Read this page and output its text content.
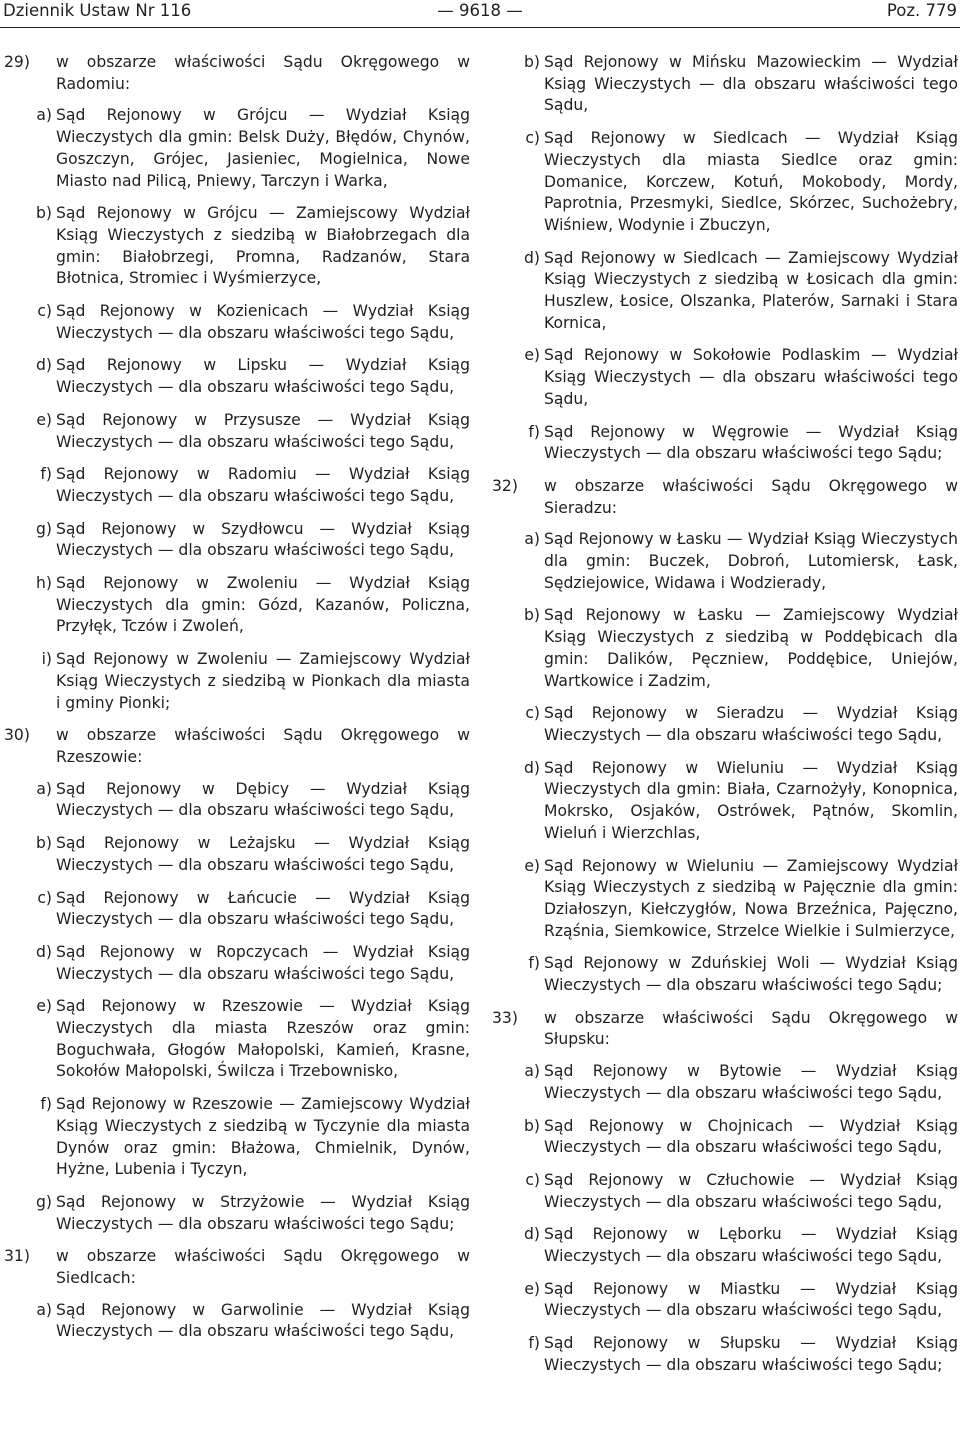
Dziennik Ustaw Nr 116	— 9618 —	Poz. 779

29) w obszarze właściwości Sądu Okręgowego w Radomiu:

a) Sąd Rejonowy w Grójcu — Wydział Ksiąg Wieczystych dla gmin: Belsk Duży, Błędów, Chynów, Goszczyn, Grójec, Jasieniec, Mogielnica, Nowe Miasto nad Pilicą, Pniewy, Tarczyn i Warka,

b) Sąd Rejonowy w Grójcu — Zamiejscowy Wydział Ksiąg Wieczystych z siedzibą w Białobrzegach dla gmin: Białobrzegi, Promna, Radzanów, Stara Błotnica, Stromiec i Wyśmierzyce,

c) Sąd Rejonowy w Kozienicach — Wydział Ksiąg Wieczystych — dla obszaru właściwości tego Sądu,

d) Sąd Rejonowy w Lipsku — Wydział Ksiąg Wieczystych — dla obszaru właściwości tego Sądu,

e) Sąd Rejonowy w Przysusze — Wydział Ksiąg Wieczystych — dla obszaru właściwości tego Sądu,

f) Sąd Rejonowy w Radomiu — Wydział Ksiąg Wieczystych — dla obszaru właściwości tego Sądu,

g) Sąd Rejonowy w Szydłowcu — Wydział Ksiąg Wieczystych — dla obszaru właściwości tego Sądu,

h) Sąd Rejonowy w Zwoleniu — Wydział Ksiąg Wieczystych dla gmin: Gózd, Kazanów, Policzna, Przyłęk, Tczów i Zwoleń,

i) Sąd Rejonowy w Zwoleniu — Zamiejscowy Wydział Ksiąg Wieczystych z siedzibą w Pionkach dla miasta i gminy Pionki;

30) w obszarze właściwości Sądu Okręgowego w Rzeszowie:

a) Sąd Rejonowy w Dębicy — Wydział Ksiąg Wieczystych — dla obszaru właściwości tego Sądu,

b) Sąd Rejonowy w Leżajsku — Wydział Ksiąg Wieczystych — dla obszaru właściwości tego Sądu,

c) Sąd Rejonowy w Łańcucie — Wydział Ksiąg Wieczystych — dla obszaru właściwości tego Sądu,

d) Sąd Rejonowy w Ropczycach — Wydział Ksiąg Wieczystych — dla obszaru właściwości tego Sądu,

e) Sąd Rejonowy w Rzeszowie — Wydział Ksiąg Wieczystych dla miasta Rzeszów oraz gmin: Boguchwała, Głogów Małopolski, Kamień, Krasne, Sokołów Małopolski, Świlcza i Trzebownisko,

f) Sąd Rejonowy w Rzeszowie — Zamiejscowy Wydział Ksiąg Wieczystych z siedzibą w Tyczynie dla miasta Dynów oraz gmin: Błażowa, Chmielnik, Dynów, Hyżne, Lubenia i Tyczyn,

g) Sąd Rejonowy w Strzyżowie — Wydział Ksiąg Wieczystych — dla obszaru właściwości tego Sądu;

31) w obszarze właściwości Sądu Okręgowego w Siedlcach:

a) Sąd Rejonowy w Garwolinie — Wydział Ksiąg Wieczystych — dla obszaru właściwości tego Sądu,

b) Sąd Rejonowy w Mińsku Mazowieckim — Wydział Ksiąg Wieczystych — dla obszaru właściwości tego Sądu,

c) Sąd Rejonowy w Siedlcach — Wydział Ksiąg Wieczystych dla miasta Siedlce oraz gmin: Domanice, Korczew, Kotuń, Mokobody, Mordy, Paprotnia, Przesmyki, Siedlce, Skórzec, Suchożebry, Wiśniew, Wodynie i Zbuczyn,

d) Sąd Rejonowy w Siedlcach — Zamiejscowy Wydział Ksiąg Wieczystych z siedzibą w Łosicach dla gmin: Huszlew, Łosice, Olszanka, Platerów, Sarnaki i Stara Kornica,

e) Sąd Rejonowy w Sokołowie Podlaskim — Wydział Ksiąg Wieczystych — dla obszaru właściwości tego Sądu,

f) Sąd Rejonowy w Węgrowie — Wydział Ksiąg Wieczystych — dla obszaru właściwości tego Sądu;

32) w obszarze właściwości Sądu Okręgowego w Sieradzu:

a) Sąd Rejonowy w Łasku — Wydział Ksiąg Wieczystych dla gmin: Buczek, Dobroń, Lutomiersk, Łask, Sędziejowice, Widawa i Wodzierady,

b) Sąd Rejonowy w Łasku — Zamiejscowy Wydział Ksiąg Wieczystych z siedzibą w Poddębicach dla gmin: Dalików, Pęczniew, Poddębice, Uniejów, Wartkowice i Zadzim,

c) Sąd Rejonowy w Sieradzu — Wydział Ksiąg Wieczystych — dla obszaru właściwości tego Sądu,

d) Sąd Rejonowy w Wieluniu — Wydział Ksiąg Wieczystych dla gmin: Biała, Czarnożyły, Konopnica, Mokrsko, Osjaków, Ostrówek, Pątnów, Skomlin, Wieluń i Wierzchlas,

e) Sąd Rejonowy w Wieluniu — Zamiejscowy Wydział Ksiąg Wieczystych z siedzibą w Pajęcznie dla gmin: Działoszyn, Kiełczygłów, Nowa Brzeźnica, Pajęczno, Rząśnia, Siemkowice, Strzelce Wielkie i Sulmierzyce,

f) Sąd Rejonowy w Zduńskiej Woli — Wydział Ksiąg Wieczystych — dla obszaru właściwości tego Sądu;

33) w obszarze właściwości Sądu Okręgowego w Słupsku:

a) Sąd Rejonowy w Bytowie — Wydział Ksiąg Wieczystych — dla obszaru właściwości tego Sądu,

b) Sąd Rejonowy w Chojnicach — Wydział Ksiąg Wieczystych — dla obszaru właściwości tego Sądu,

c) Sąd Rejonowy w Człuchowie — Wydział Ksiąg Wieczystych — dla obszaru właściwości tego Sądu,

d) Sąd Rejonowy w Lęborku — Wydział Ksiąg Wieczystych — dla obszaru właściwości tego Sądu,

e) Sąd Rejonowy w Miastku — Wydział Ksiąg Wieczystych — dla obszaru właściwości tego Sądu,

f) Sąd Rejonowy w Słupsku — Wydział Ksiąg Wieczystych — dla obszaru właściwości tego Sądu;
